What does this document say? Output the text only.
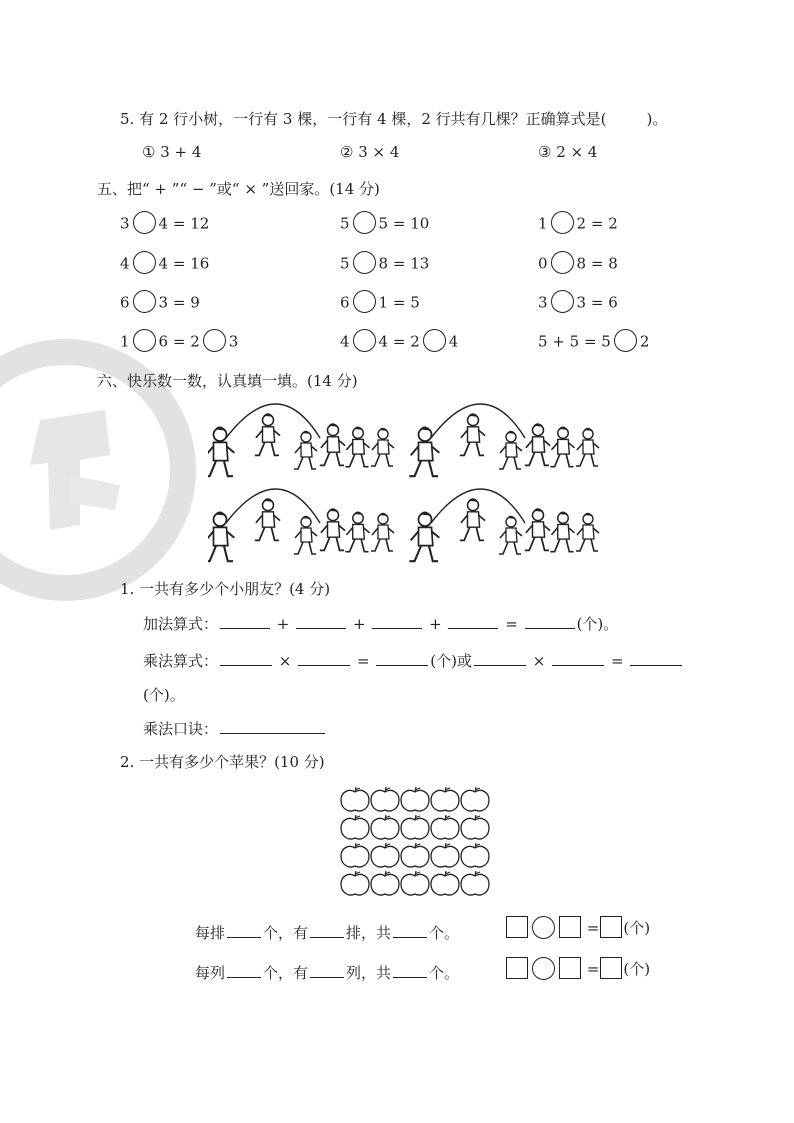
5. 有 2 行小树，一行有 3 棵，一行有 4 棵，2 行共有几棵？正确算式是(	)。
① 3 + 4	② 3 × 4	③ 2 × 4
五、把“ + ”“ − ”或“ × ”送回家。(14 分)
3 4 = 12	5 5 = 10	1 2 = 2
4 4 = 16	5 8 = 13	0 8 = 8
6 3 = 9	6 1 = 5	3 3 = 6
1 6 = 2 3	4 4 = 2 4	5 + 5 = 5 2
六、快乐数一数，认真填一填。(14 分)
1. 一共有多少个小朋友？(4 分)
加法算式：	+	+	+	=	(个)。
乘法算式：	×	=	(个)或	×	=
(个)。
乘法口诀：
2. 一共有多少个苹果？(10 分)
每排	个，有	排，共	个。	= (个)
每列	个，有	列，共	个。	= (个)
